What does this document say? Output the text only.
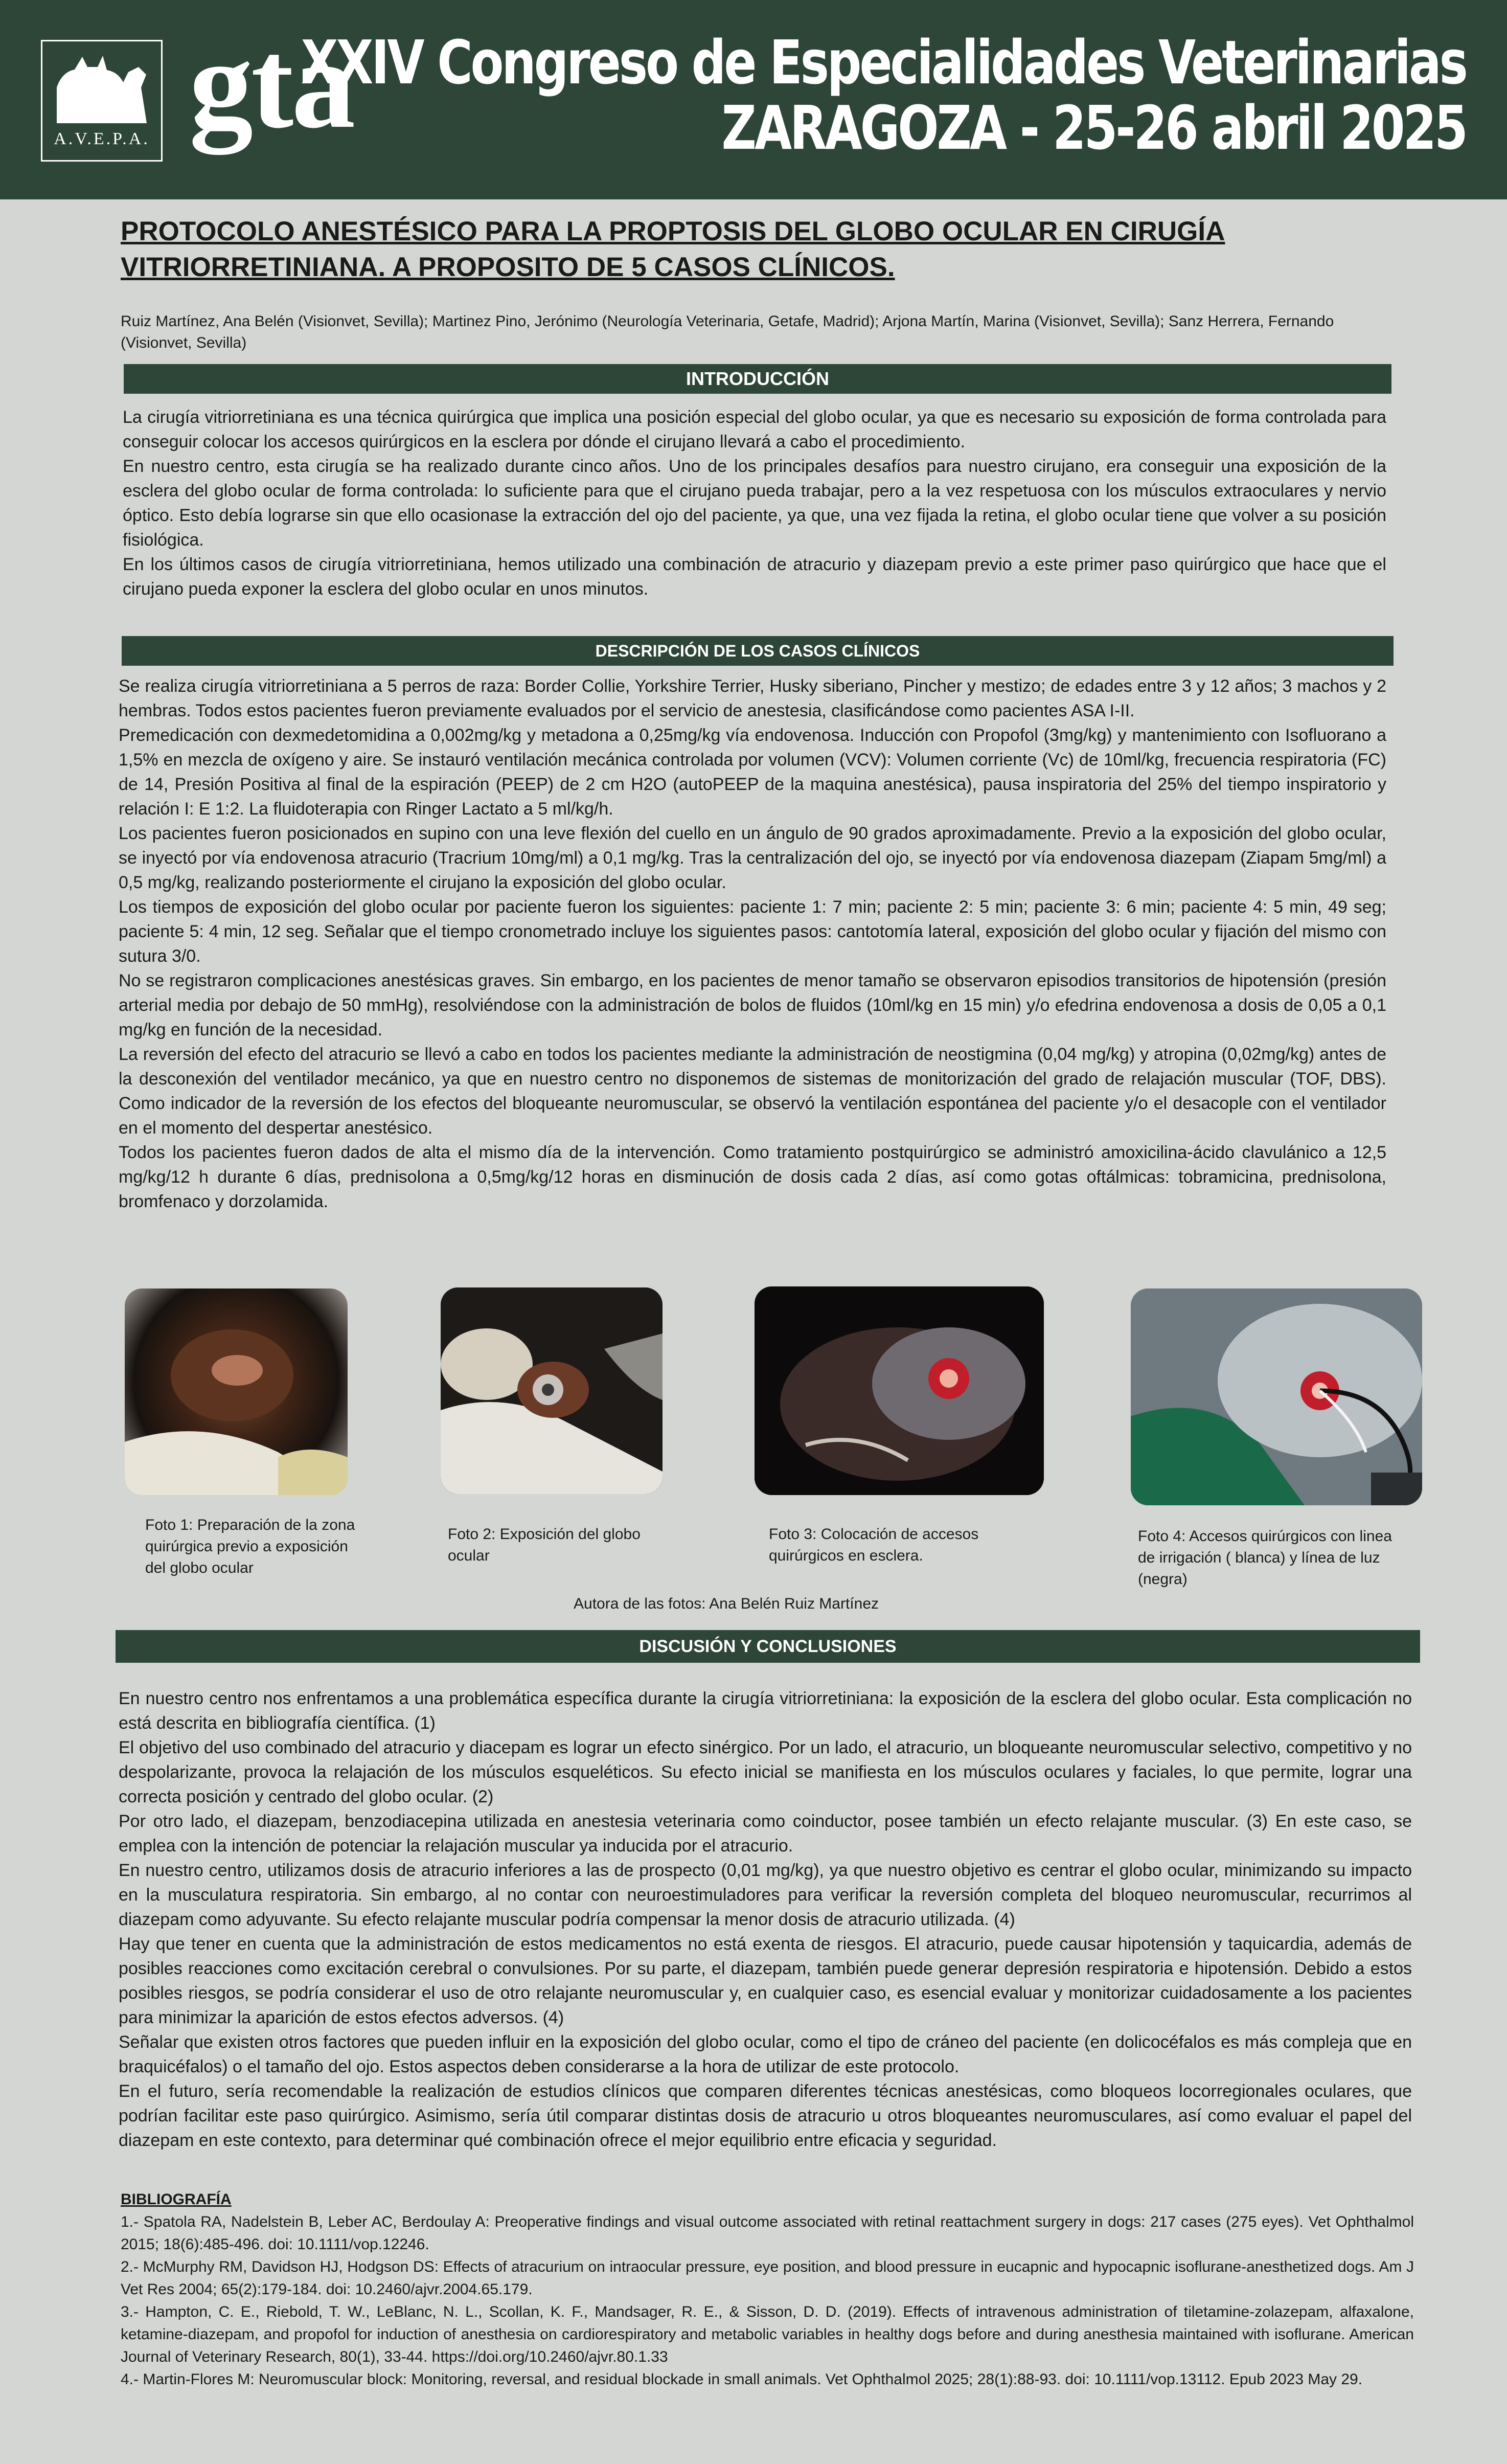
A.V.E.P.A. gta
XXIV Congreso de Especialidades Veterinarias
ZARAGOZA - 25-26 abril 2025
PROTOCOLO ANESTÉSICO PARA LA PROPTOSIS DEL GLOBO OCULAR EN CIRUGÍA
VITRIORRETINIANA. A PROPOSITO DE 5 CASOS CLÍNICOS.
Ruiz Martínez, Ana Belén (Visionvet, Sevilla); Martinez Pino, Jerónimo (Neurología Veterinaria, Getafe, Madrid); Arjona Martín, Marina (Visionvet, Sevilla); Sanz Herrera, Fernando (Visionvet, Sevilla)
INTRODUCCIÓN

La cirugía vitriorretiniana es una técnica quirúrgica que implica una posición especial del globo ocular, ya que es necesario su exposición de forma controlada para conseguir colocar los accesos quirúrgicos en la esclera por dónde el cirujano llevará a cabo el procedimiento.

En nuestro centro, esta cirugía se ha realizado durante cinco años. Uno de los principales desafíos para nuestro cirujano, era conseguir una exposición de la esclera del globo ocular de forma controlada: lo suficiente para que el cirujano pueda trabajar, pero a la vez respetuosa con los músculos extraoculares y nervio óptico. Esto debía lograrse sin que ello ocasionase la extracción del ojo del paciente, ya que, una vez fijada la retina, el globo ocular tiene que volver a su posición fisiológica.

En los últimos casos de cirugía vitriorretiniana, hemos utilizado una combinación de atracurio y diazepam previo a este primer paso quirúrgico que hace que el cirujano pueda exponer la esclera del globo ocular en unos minutos.

DESCRIPCIÓN DE LOS CASOS CLÍNICOS

Se realiza cirugía vitriorretiniana a 5 perros de raza: Border Collie, Yorkshire Terrier, Husky siberiano, Pincher y mestizo; de edades entre 3 y 12 años; 3 machos y 2 hembras. Todos estos pacientes fueron previamente evaluados por el servicio de anestesia, clasificándose como pacientes ASA I-II.

Premedicación con dexmedetomidina a 0,002mg/kg y metadona a 0,25mg/kg vía endovenosa. Inducción con Propofol (3mg/kg) y mantenimiento con Isofluorano a 1,5% en mezcla de oxígeno y aire. Se instauró ventilación mecánica controlada por volumen (VCV): Volumen corriente (Vc) de 10ml/kg, frecuencia respiratoria (FC) de 14, Presión Positiva al final de la espiración (PEEP) de 2 cm H2O (autoPEEP de la maquina anestésica), pausa inspiratoria del 25% del tiempo inspiratorio y relación I: E 1:2. La fluidoterapia con Ringer Lactato a 5 ml/kg/h.

Los pacientes fueron posicionados en supino con una leve flexión del cuello en un ángulo de 90 grados aproximadamente. Previo a la exposición del globo ocular, se inyectó por vía endovenosa atracurio (Tracrium 10mg/ml) a 0,1 mg/kg. Tras la centralización del ojo, se inyectó por vía endovenosa diazepam (Ziapam 5mg/ml) a 0,5 mg/kg, realizando posteriormente el cirujano la exposición del globo ocular.

Los tiempos de exposición del globo ocular por paciente fueron los siguientes: paciente 1: 7 min; paciente 2: 5 min; paciente 3: 6 min; paciente 4: 5 min, 49 seg; paciente 5: 4 min, 12 seg. Señalar que el tiempo cronometrado incluye los siguientes pasos: cantotomía lateral, exposición del globo ocular y fijación del mismo con sutura 3/0.

No se registraron complicaciones anestésicas graves. Sin embargo, en los pacientes de menor tamaño se observaron episodios transitorios de hipotensión (presión arterial media por debajo de 50 mmHg), resolviéndose con la administración de bolos de fluidos (10ml/kg en 15 min) y/o efedrina endovenosa a dosis de 0,05 a 0,1 mg/kg en función de la necesidad.

La reversión del efecto del atracurio se llevó a cabo en todos los pacientes mediante la administración de neostigmina (0,04 mg/kg) y atropina (0,02mg/kg) antes de la desconexión del ventilador mecánico, ya que en nuestro centro no disponemos de sistemas de monitorización del grado de relajación muscular (TOF, DBS). Como indicador de la reversión de los efectos del bloqueante neuromuscular, se observó la ventilación espontánea del paciente y/o el desacople con el ventilador en el momento del despertar anestésico.

Todos los pacientes fueron dados de alta el mismo día de la intervención. Como tratamiento postquirúrgico se administró amoxicilina-ácido clavulánico a 12,5 mg/kg/12 h durante 6 días, prednisolona a 0,5mg/kg/12 horas en disminución de dosis cada 2 días, así como gotas oftálmicas: tobramicina, prednisolona, bromfenaco y dorzolamida.

Foto 1: Preparación de la zona quirúrgica previo a exposición del globo ocular
Foto 2: Exposición del globo ocular
Foto 3: Colocación de accesos quirúrgicos en esclera.
Foto 4: Accesos quirúrgicos con linea de irrigación ( blanca) y línea de luz (negra)
Autora de las fotos: Ana Belén Ruiz Martínez
DISCUSIÓN Y CONCLUSIONES

En nuestro centro nos enfrentamos a una problemática específica durante la cirugía vitriorretiniana: la exposición de la esclera del globo ocular. Esta complicación no está descrita en bibliografía científica. (1)

El objetivo del uso combinado del atracurio y diacepam es lograr un efecto sinérgico. Por un lado, el atracurio, un bloqueante neuromuscular selectivo, competitivo y no despolarizante, provoca la relajación de los músculos esqueléticos. Su efecto inicial se manifiesta en los músculos oculares y faciales, lo que permite, lograr una correcta posición y centrado del globo ocular. (2)

Por otro lado, el diazepam, benzodiacepina utilizada en anestesia veterinaria como coinductor, posee también un efecto relajante muscular. (3) En este caso, se emplea con la intención de potenciar la relajación muscular ya inducida por el atracurio.

En nuestro centro, utilizamos dosis de atracurio inferiores a las de prospecto (0,01 mg/kg), ya que nuestro objetivo es centrar el globo ocular, minimizando su impacto en la musculatura respiratoria. Sin embargo, al no contar con neuroestimuladores para verificar la reversión completa del bloqueo neuromuscular, recurrimos al diazepam como adyuvante. Su efecto relajante muscular podría compensar la menor dosis de atracurio utilizada. (4)

Hay que tener en cuenta que la administración de estos medicamentos no está exenta de riesgos. El atracurio, puede causar hipotensión y taquicardia, además de posibles reacciones como excitación cerebral o convulsiones. Por su parte, el diazepam, también puede generar depresión respiratoria e hipotensión. Debido a estos posibles riesgos, se podría considerar el uso de otro relajante neuromuscular y, en cualquier caso, es esencial evaluar y monitorizar cuidadosamente a los pacientes para minimizar la aparición de estos efectos adversos. (4)

Señalar que existen otros factores que pueden influir en la exposición del globo ocular, como el tipo de cráneo del paciente (en dolicocéfalos es más compleja que en braquicéfalos) o el tamaño del ojo. Estos aspectos deben considerarse a la hora de utilizar de este protocolo.

En el futuro, sería recomendable la realización de estudios clínicos que comparen diferentes técnicas anestésicas, como bloqueos locorregionales oculares, que podrían facilitar este paso quirúrgico. Asimismo, sería útil comparar distintas dosis de atracurio u otros bloqueantes neuromusculares, así como evaluar el papel del diazepam en este contexto, para determinar qué combinación ofrece el mejor equilibrio entre eficacia y seguridad.

BIBLIOGRAFÍA

1.- Spatola RA, Nadelstein B, Leber AC, Berdoulay A: Preoperative findings and visual outcome associated with retinal reattachment surgery in dogs: 217 cases (275 eyes). Vet Ophthalmol 2015; 18(6):485-496. doi: 10.1111/vop.12246.

2.- McMurphy RM, Davidson HJ, Hodgson DS: Effects of atracurium on intraocular pressure, eye position, and blood pressure in eucapnic and hypocapnic isoflurane-anesthetized dogs. Am J Vet Res 2004; 65(2):179-184. doi: 10.2460/ajvr.2004.65.179.

3.- Hampton, C. E., Riebold, T. W., LeBlanc, N. L., Scollan, K. F., Mandsager, R. E., & Sisson, D. D. (2019). Effects of intravenous administration of tiletamine-zolazepam, alfaxalone, ketamine-diazepam, and propofol for induction of anesthesia on cardiorespiratory and metabolic variables in healthy dogs before and during anesthesia maintained with isoflurane. American Journal of Veterinary Research, 80(1), 33-44. https://doi.org/10.2460/ajvr.80.1.33

4.- Martin-Flores M: Neuromuscular block: Monitoring, reversal, and residual blockade in small animals. Vet Ophthalmol 2025; 28(1):88-93. doi: 10.1111/vop.13112. Epub 2023 May 29.
